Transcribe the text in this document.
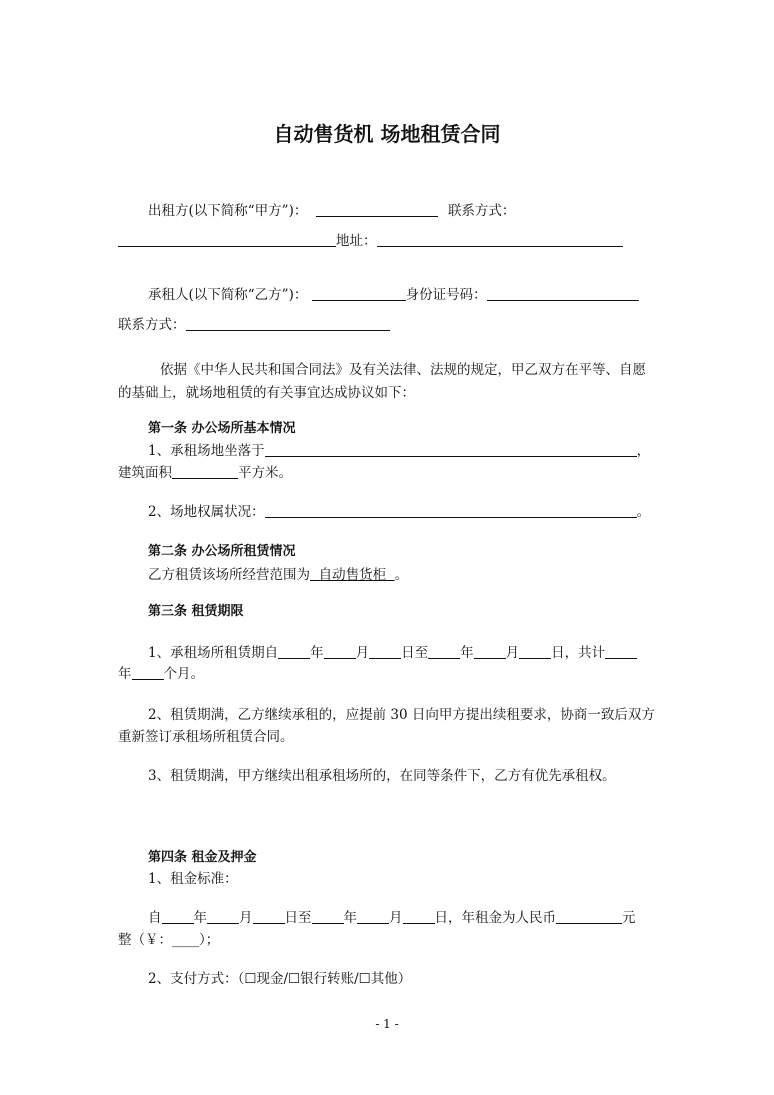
自动售货机 场地租赁合同
出租方(以下简称“甲方”)：	联系方式：
地址：
承租人(以下简称“乙方”)：	身份证号码：
联系方式：
依据《中华人民共和国合同法》及有关法律、法规的规定，甲乙双方在平等、自愿
的基础上，就场地租赁的有关事宜达成协议如下：
第一条 办公场所基本情况
1、承租场地坐落于	，
建筑面积	平方米。
2、场地权属状况：	。
第二条 办公场所租赁情况
乙方租赁该场所经营范围为  自动售货柜  。
第三条 租赁期限
1、承租场所租赁期自 年 月 日至 年 月 日，共计
年 个月。
2、租赁期满，乙方继续承租的，应提前 30 日向甲方提出续租要求，协商一致后双方
重新签订承租场所租赁合同。
3、租赁期满，甲方继续出租承租场所的，在同等条件下，乙方有优先承租权。
第四条 租金及押金
1、租金标准：
自 年 月 日至 年 月 日，年租金为人民币	元
整（￥：____）；
2、支付方式：（☐现金/☐银行转账/☐其他）
- 1 -
